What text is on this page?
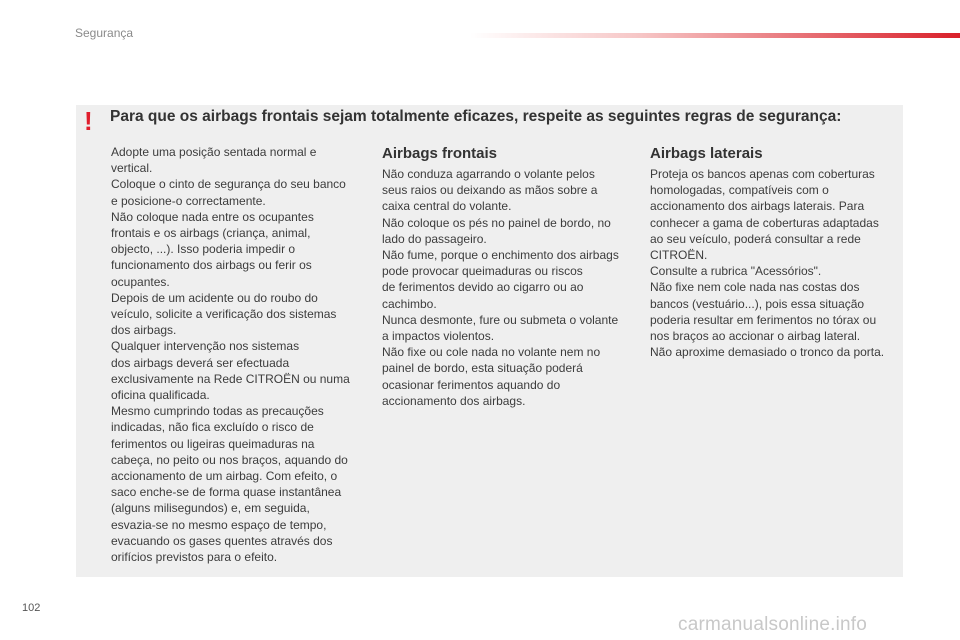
Segurança
! Para que os airbags frontais sejam totalmente eficazes, respeite as seguintes regras de segurança:
Adopte uma posição sentada normal e
vertical.
Coloque o cinto de segurança do seu banco
e posicione-o correctamente.
Não coloque nada entre os ocupantes
frontais e os airbags (criança, animal,
objecto, ...). Isso poderia impedir o
funcionamento dos airbags ou ferir os
ocupantes.
Depois de um acidente ou do roubo do
veículo, solicite a verificação dos sistemas
dos airbags.
Qualquer intervenção nos sistemas
dos airbags deverá ser efectuada
exclusivamente na Rede CITROËN ou numa
oficina qualificada.
Mesmo cumprindo todas as precauções
indicadas, não fica excluído o risco de
ferimentos ou ligeiras queimaduras na
cabeça, no peito ou nos braços, aquando do
accionamento de um airbag. Com efeito, o
saco enche-se de forma quase instantânea
(alguns milisegundos) e, em seguida,
esvazia-se no mesmo espaço de tempo,
evacuando os gases quentes através dos
orifícios previstos para o efeito.
Airbags frontais
Não conduza agarrando o volante pelos
seus raios ou deixando as mãos sobre a
caixa central do volante.
Não coloque os pés no painel de bordo, no
lado do passageiro.
Não fume, porque o enchimento dos airbags
pode provocar queimaduras ou riscos
de ferimentos devido ao cigarro ou ao
cachimbo.
Nunca desmonte, fure ou submeta o volante
a impactos violentos.
Não fixe ou cole nada no volante nem no
painel de bordo, esta situação poderá
ocasionar ferimentos aquando do
accionamento dos airbags.
Airbags laterais
Proteja os bancos apenas com coberturas
homologadas, compatíveis com o
accionamento dos airbags laterais. Para
conhecer a gama de coberturas adaptadas
ao seu veículo, poderá consultar a rede
CITROËN.
Consulte a rubrica "Acessórios".
Não fixe nem cole nada nas costas dos
bancos (vestuário...), pois essa situação
poderia resultar em ferimentos no tórax ou
nos braços ao accionar o airbag lateral.
Não aproxime demasiado o tronco da porta.
102
carmanualsonline.info
